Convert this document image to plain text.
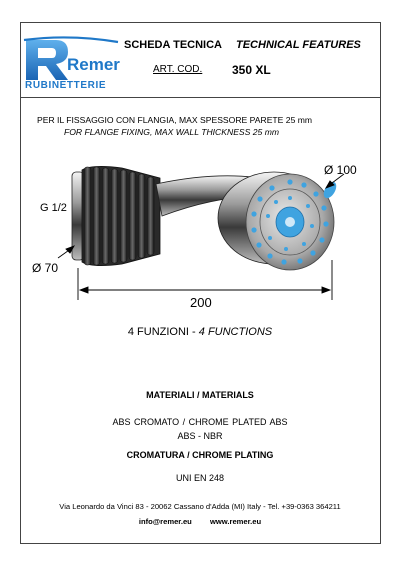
Remer
RUBINETTERIE
SCHEDA TECNICA TECHNICAL FEATURES
ART. COD. 350 XL
PER IL FISSAGGIO CON FLANGIA, MAX SPESSORE PARETE 25 mm
FOR FLANGE FIXING, MAX WALL THICKNESS 25 mm
G 1/2
Ø 70
Ø 100
200
4 FUNZIONI - 4 FUNCTIONS
MATERIALI / MATERIALS
ABS CROMATO / CHROME PLATED ABS
ABS - NBR
CROMATURA / CHROME PLATING
UNI EN 248
Via Leonardo da Vinci 83 - 20062 Cassano d'Adda (MI) Italy - Tel. +39-0363 364211
info@remer.eu www.remer.eu
